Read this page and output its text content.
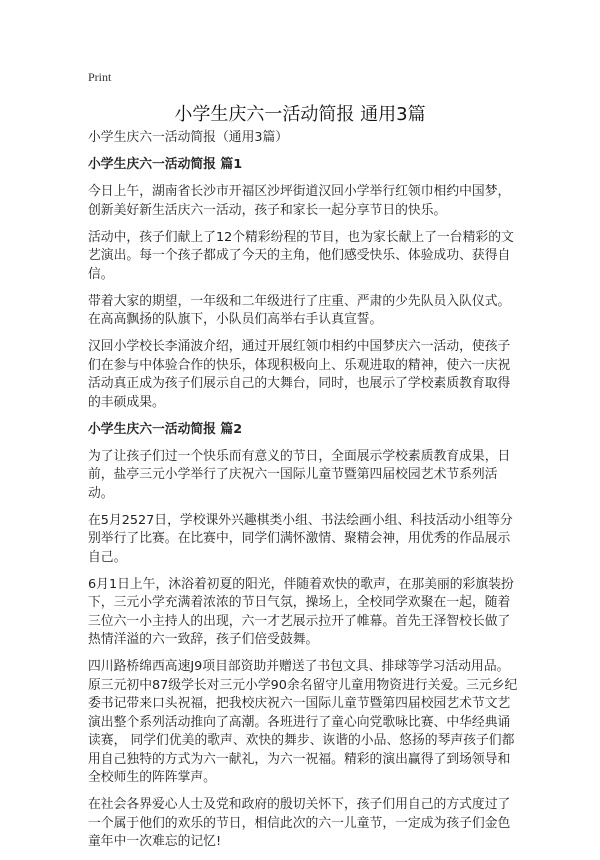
Print
小学生庆六一活动简报 通用3篇

小学生庆六一活动简报（通用3篇）

小学生庆六一活动简报 篇1

今日上午，湖南省长沙市开福区沙坪街道汉回小学举行红领巾相约中国梦，创新美好新生活庆六一活动，孩子和家长一起分享节日的快乐。

活动中，孩子们献上了12个精彩纷程的节目，也为家长献上了一台精彩的文艺演出。每一个孩子都成了今天的主角，他们感受快乐、体验成功、获得自信。

带着大家的期望，一年级和二年级进行了庄重、严肃的少先队员入队仪式。在高高飘扬的队旗下，小队员们高举右手认真宣誓。

汉回小学校长李涌波介绍，通过开展红领巾相约中国梦庆六一活动，使孩子们在参与中体验合作的快乐，体现积极向上、乐观进取的精神，使六一庆祝活动真正成为孩子们展示自己的大舞台，同时，也展示了学校素质教育取得的丰硕成果。

小学生庆六一活动简报 篇2

为了让孩子们过一个快乐而有意义的节日，全面展示学校素质教育成果，日前，盐亭三元小学举行了庆祝六一国际儿童节暨第四届校园艺术节系列活动。

在5月2527日，学校课外兴趣棋类小组、书法绘画小组、科技活动小组等分别举行了比赛。在比赛中，同学们满怀激情、聚精会神，用优秀的作品展示自己。

6月1日上午，沐浴着初夏的阳光，伴随着欢快的歌声，在那美丽的彩旗装扮下，三元小学充满着浓浓的节日气氛，操场上，全校同学欢聚在一起，随着三位六一小主持人的出现，六一才艺展示拉开了帷幕。首先王泽智校长做了热情洋溢的六一致辞，孩子们倍受鼓舞。

四川路桥绵西高速J9项目部资助并赠送了书包文具、排球等学习活动用品。原三元初中87级学长对三元小学90余名留守儿童用物资进行关爱。三元乡纪委书记带来口头祝福，把我校庆祝六一国际儿童节暨第四届校园艺术节文艺演出整个系列活动推向了高潮。各班进行了童心向党歌咏比赛、中华经典诵读赛， 同学们优美的歌声、欢快的舞步、诙谐的小品、悠扬的琴声孩子们都用自己独特的方式为六一献礼，为六一祝福。精彩的演出赢得了到场领导和全校师生的阵阵掌声。

在社会各界爱心人士及党和政府的殷切关怀下，孩子们用自己的方式度过了一个属于他们的欢乐的节日，相信此次的六一儿童节，一定成为孩子们金色童年中一次难忘的记忆!
